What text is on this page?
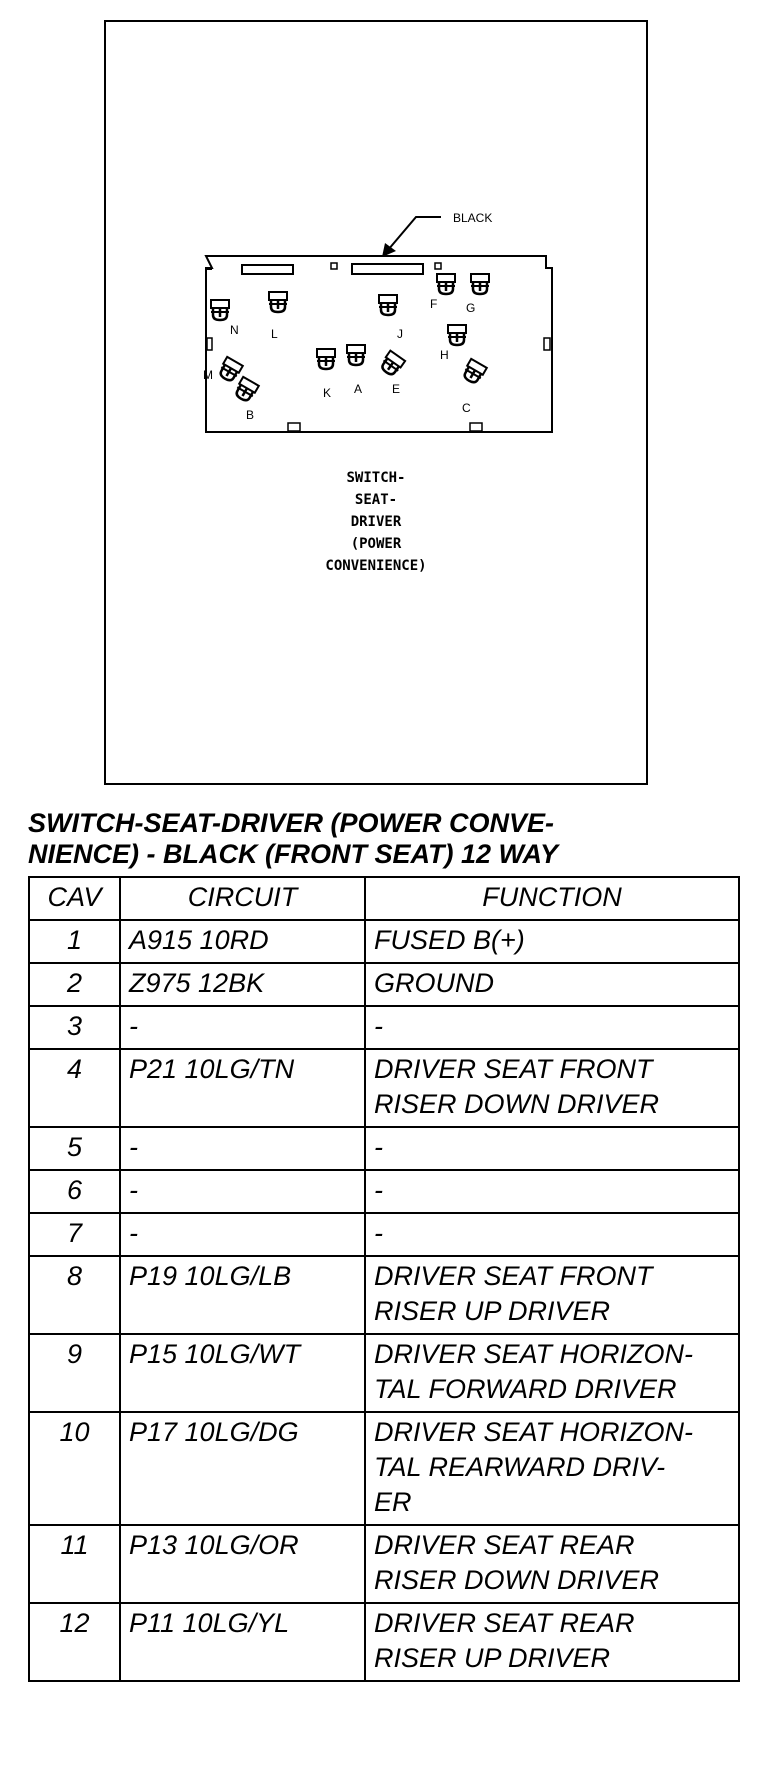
BLACK
N	L	J
F G
H
M
K A E
B	C
SWITCH-
SEAT-
DRIVER
(POWER
CONVENIENCE)
SWITCH-SEAT-DRIVER (POWER CONVE-
NIENCE) - BLACK (FRONT SEAT) 12 WAY
CAV	CIRCUIT	FUNCTION
1	A915 10RD	FUSED B(+)

2	Z975 12BK	GROUND

3	-	-

4	P21 10LG/TN	DRIVER SEAT FRONT
RISER DOWN DRIVER

5	-	-

6	-	-

7	-	-

8	P19 10LG/LB	DRIVER SEAT FRONT
RISER UP DRIVER

9	P15 10LG/WT	DRIVER SEAT HORIZON-
TAL FORWARD DRIVER

10	P17 10LG/DG	DRIVER SEAT HORIZON-
TAL REARWARD DRIV-
ER

11	P13 10LG/OR	DRIVER SEAT REAR
RISER DOWN DRIVER

12	P11 10LG/YL	DRIVER SEAT REAR
RISER UP DRIVER
